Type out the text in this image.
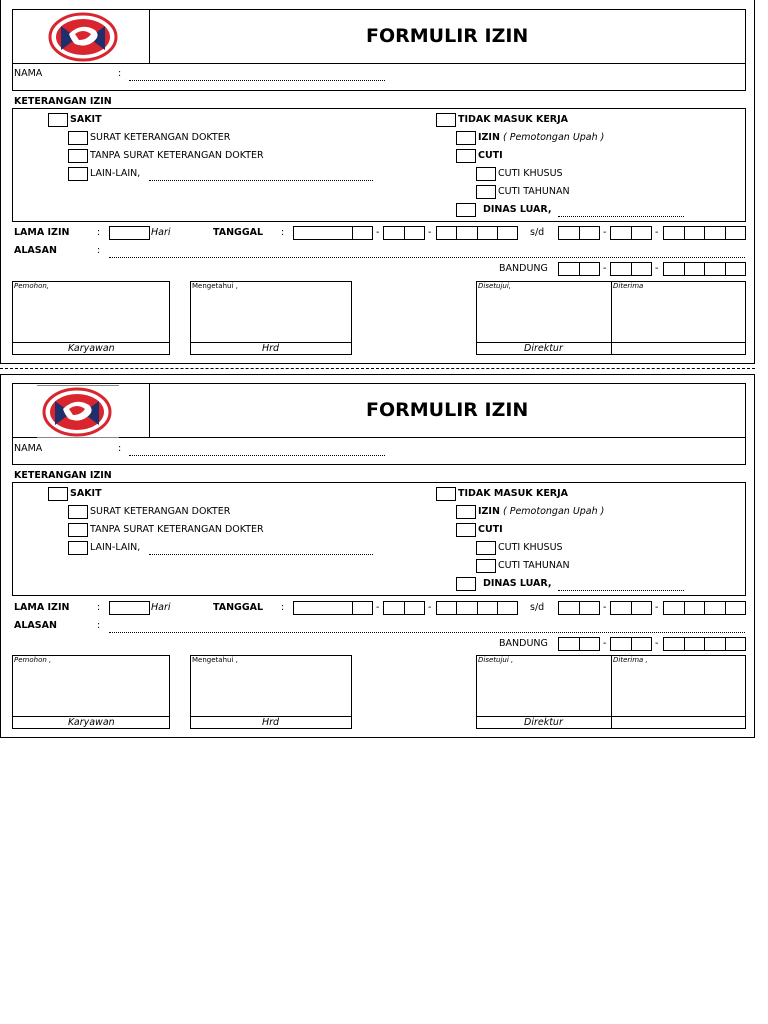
FORMULIR IZIN
NAMA	:
KETERANGAN IZIN
SAKIT
SURAT KETERANGAN DOKTER
TANPA SURAT KETERANGAN DOKTER
LAIN-LAIN,
TIDAK MASUK KERJA
IZIN ( Pemotongan Upah )
CUTI
CUTI KHUSUS
CUTI TAHUNAN
DINAS LUAR,
LAMA IZIN	:	Hari	TANGGAL :	-	-	s/d	-	-
ALASAN	:
BANDUNG	-	-
Pemohon,
Karyawan
Mengetahui ,
Hrd
Disetujui,	Diterima
Direktur
FORMULIR IZIN
NAMA	:
KETERANGAN IZIN
SAKIT
SURAT KETERANGAN DOKTER
TANPA SURAT KETERANGAN DOKTER
LAIN-LAIN,
TIDAK MASUK KERJA
IZIN ( Pemotongan Upah )
CUTI
CUTI KHUSUS
CUTI TAHUNAN
DINAS LUAR,
LAMA IZIN	:	Hari	TANGGAL :	-	-	s/d	-	-
ALASAN	:
BANDUNG	-	-
Pemohon ,
Karyawan
Mengetahui ,
Hrd
Disetujui ,	Diterima ,
Direktur
